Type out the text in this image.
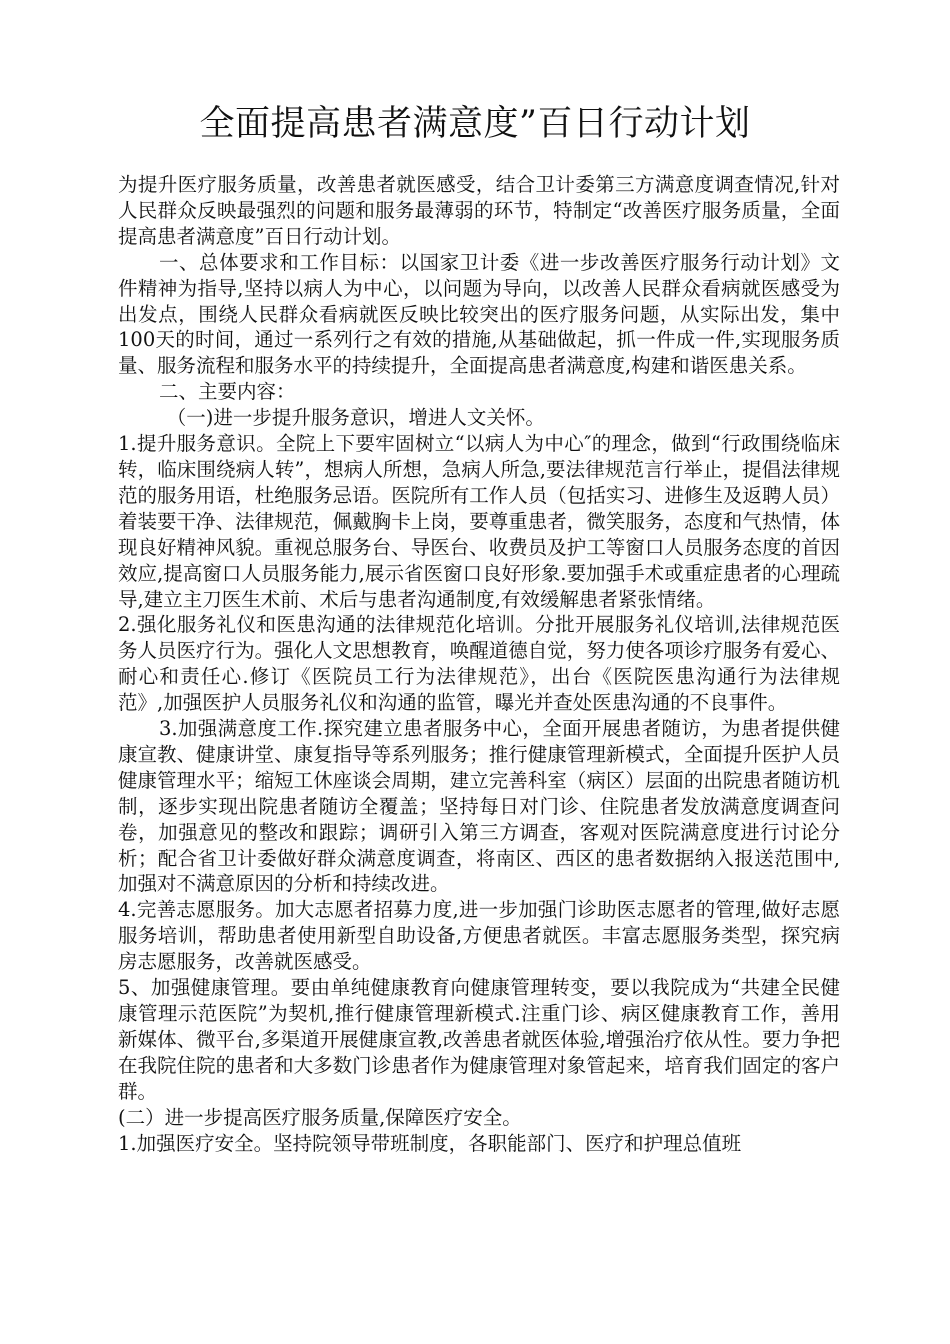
全面提高患者满意度”百日行动计划

为提升医疗服务质量，改善患者就医感受，结合卫计委第三方满意度调查情况,针对人民群众反映最强烈的问题和服务最薄弱的环节，特制定“改善医疗服务质量，全面提高患者满意度”百日行动计划。

一、总体要求和工作目标：以国家卫计委《进一步改善医疗服务行动计划》文件精神为指导,坚持以病人为中心，以问题为导向，以改善人民群众看病就医感受为出发点，围绕人民群众看病就医反映比较突出的医疗服务问题，从实际出发，集中100天的时间，通过一系列行之有效的措施,从基础做起，抓一件成一件,实现服务质量、服务流程和服务水平的持续提升，全面提高患者满意度,构建和谐医患关系。

二、主要内容：

（一)进一步提升服务意识，增进人文关怀。

1.提升服务意识。全院上下要牢固树立“以病人为中心″的理念，做到“行政围绕临床转，临床围绕病人转”，想病人所想，急病人所急,要法律规范言行举止，提倡法律规范的服务用语，杜绝服务忌语。医院所有工作人员（包括实习、进修生及返聘人员）着装要干净、法律规范，佩戴胸卡上岗，要尊重患者，微笑服务，态度和气热情，体现良好精神风貌。重视总服务台、导医台、收费员及护工等窗口人员服务态度的首因效应,提高窗口人员服务能力,展示省医窗口良好形象.要加强手术或重症患者的心理疏导,建立主刀医生术前、术后与患者沟通制度,有效缓解患者紧张情绪。

2.强化服务礼仪和医患沟通的法律规范化培训。分批开展服务礼仪培训,法律规范医务人员医疗行为。强化人文思想教育，唤醒道德自觉，努力使各项诊疗服务有爱心、耐心和责任心.修订《医院员工行为法律规范》，出台《医院医患沟通行为法律规范》,加强医护人员服务礼仪和沟通的监管，曝光并查处医患沟通的不良事件。

3.加强满意度工作.探究建立患者服务中心，全面开展患者随访，为患者提供健康宣教、健康讲堂、康复指导等系列服务；推行健康管理新模式，全面提升医护人员健康管理水平；缩短工休座谈会周期，建立完善科室（病区）层面的出院患者随访机制，逐步实现出院患者随访全覆盖；坚持每日对门诊、住院患者发放满意度调查问卷，加强意见的整改和跟踪；调研引入第三方调查，客观对医院满意度进行讨论分析；配合省卫计委做好群众满意度调查，将南区、西区的患者数据纳入报送范围中,加强对不满意原因的分析和持续改进。

4.完善志愿服务。加大志愿者招募力度,进一步加强门诊助医志愿者的管理,做好志愿服务培训，帮助患者使用新型自助设备,方便患者就医。丰富志愿服务类型，探究病房志愿服务，改善就医感受。

5、加强健康管理。要由单纯健康教育向健康管理转变，要以我院成为“共建全民健康管理示范医院”为契机,推行健康管理新模式.注重门诊、病区健康教育工作，善用新媒体、微平台,多渠道开展健康宣教,改善患者就医体验,增强治疗依从性。要力争把在我院住院的患者和大多数门诊患者作为健康管理对象管起来，培育我们固定的客户群。

(二）进一步提高医疗服务质量,保障医疗安全。

1.加强医疗安全。坚持院领导带班制度，各职能部门、医疗和护理总值班
